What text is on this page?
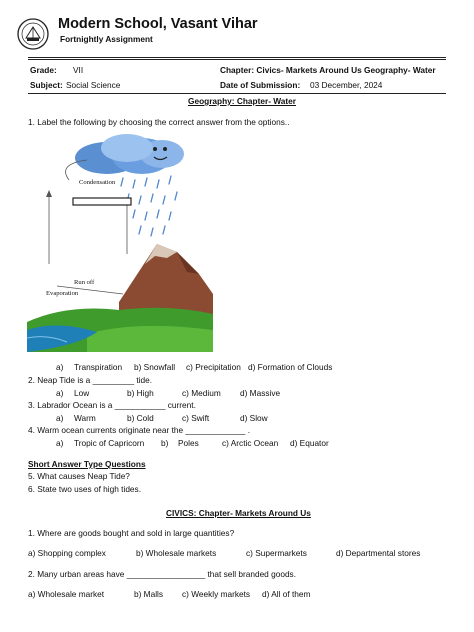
Modern School, Vasant Vihar
Fortnightly Assignment
Grade: VII	Chapter: Civics- Markets Around Us Geography- Water
Subject: Social Science	Date of Submission: 03 December, 2024
Geography: Chapter- Water
1. Label the following by choosing the correct answer from the options..
Condensation
Run off
Evaporation
a) Transpiration b) Snowfall c) Precipitation d) Formation of Clouds
2. Neap Tide is a _________ tide.
a) Low	b) High	c) Medium d) Massive
3. Labrador Ocean is a ___________ current.
a) Warm	b) Cold	c) Swift	d) Slow
4. Warm ocean currents originate near the _____________ .
a) Tropic of Capricorn b) Poles	c) Arctic Ocean d) Equator
Short Answer Type Questions
5. What causes Neap Tide?
6. State two uses of high tides.
CIVICS: Chapter- Markets Around Us
1. Where are goods bought and sold in large quantities?
a) Shopping complex	b) Wholesale markets	c) Supermarkets	d) Departmental stores
2. Many urban areas have _________________ that sell branded goods.
a) Wholesale market	b) Malls c) Weekly markets d) All of them
